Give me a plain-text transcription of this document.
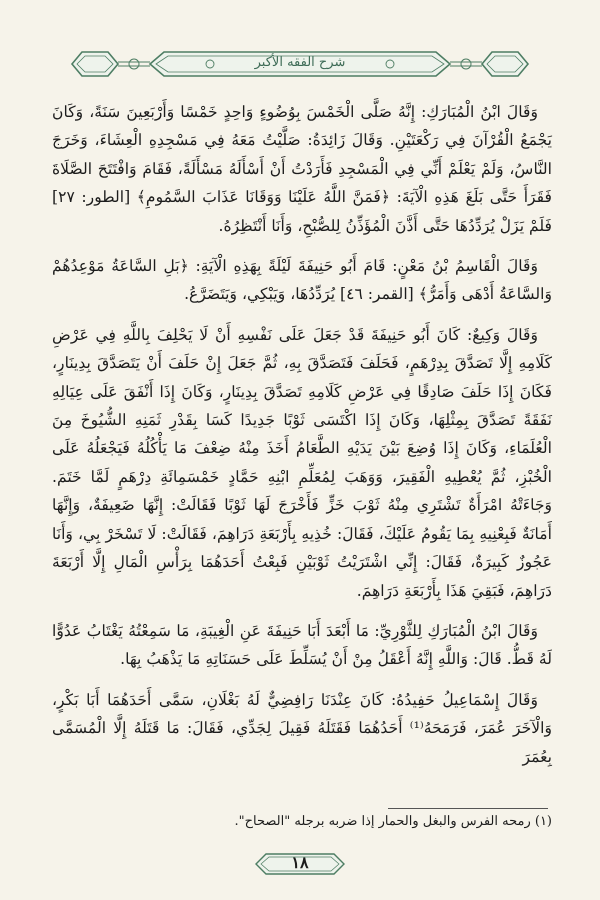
شرح الفقه الأكبر

وَقَالَ ابْنُ الْمُبَارَكِ: إِنَّهُ صَلَّى الْخَمْسَ بِوُضُوءٍ وَاحِدٍ خَمْسًا وَأَرْبَعِينَ سَنَةً، وَكَانَ يَجْمَعُ الْقُرْآنَ فِي رَكْعَتَيْنِ. وَقَالَ زَائِدَةُ: صَلَّيْتُ مَعَهُ فِي مَسْجِدِهِ الْعِشَاءَ، وَخَرَجَ النَّاسُ، وَلَمْ يَعْلَمْ أَنِّي فِي الْمَسْجِدِ فَأَرَدْتُ أَنْ أَسْأَلَهُ مَسْأَلَةً، فَقَامَ وَافْتَتَحَ الصَّلَاةَ فَقَرَأَ حَتَّى بَلَغَ هَذِهِ الْآيَةَ: ﴿فَمَنَّ اللَّهُ عَلَيْنَا وَوَقَانَا عَذَابَ السَّمُومِ﴾ [الطور: ٢٧] فَلَمْ يَزَلْ يُرَدِّدُهَا حَتَّى أَذَّنَ الْمُؤَذِّنُ لِلصُّبْحِ، وَأَنَا أَنْتَظِرُهُ.

وَقَالَ الْقَاسِمُ بْنُ مَعْنٍ: قَامَ أَبُو حَنِيفَةَ لَيْلَةً بِهَذِهِ الْآيَةِ: ﴿بَلِ السَّاعَةُ مَوْعِدُهُمْ وَالسَّاعَةُ أَدْهَى وَأَمَرُّ﴾ [القمر: ٤٦] يُرَدِّدُهَا، وَيَبْكِي، وَيَتَضَرَّعُ.

وَقَالَ وَكِيعٌ: كَانَ أَبُو حَنِيفَةَ قَدْ جَعَلَ عَلَى نَفْسِهِ أَنْ لَا يَحْلِفَ بِاللَّهِ فِي عَرْضِ كَلَامِهِ إِلَّا تَصَدَّقَ بِدِرْهَمٍ، فَحَلَفَ فَتَصَدَّقَ بِهِ، ثُمَّ جَعَلَ إِنْ حَلَفَ أَنْ يَتَصَدَّقَ بِدِينَارٍ، فَكَانَ إِذَا حَلَفَ صَادِقًا فِي عَرْضِ كَلَامِهِ تَصَدَّقَ بِدِينَارٍ، وَكَانَ إِذَا أَنْفَقَ عَلَى عِيَالِهِ نَفَقَةً تَصَدَّقَ بِمِثْلِهَا، وَكَانَ إِذَا اكْتَسَى ثَوْبًا جَدِيدًا كَسَا بِقَدْرِ ثَمَنِهِ الشُّيُوخَ مِنَ الْعُلَمَاءِ، وَكَانَ إِذَا وُضِعَ بَيْنَ يَدَيْهِ الطَّعَامُ أَخَذَ مِنْهُ ضِعْفَ مَا يَأْكُلُهُ فَيَجْعَلُهُ عَلَى الْخُبْزِ، ثُمَّ يُعْطِيهِ الْفَقِيرَ، وَوَهَبَ لِمُعَلِّمِ ابْنِهِ حَمَّادٍ خَمْسَمِائَةِ دِرْهَمٍ لَمَّا خَتَمَ. وَجَاءَتْهُ امْرَأَةٌ تَشْتَرِي مِنْهُ ثَوْبَ خَزٍّ فَأَخْرَجَ لَهَا ثَوْبًا فَقَالَتْ: إِنَّهَا ضَعِيفَةٌ، وَإِنَّهَا أَمَانَةٌ فَبِعْنِيهِ بِمَا يَقُومُ عَلَيْكَ، فَقَالَ: خُذِيهِ بِأَرْبَعَةِ دَرَاهِمَ، فَقَالَتْ: لَا تَسْخَرْ بِي، وَأَنَا عَجُوزٌ كَبِيرَةٌ، فَقَالَ: إِنِّي اشْتَرَيْتُ ثَوْبَيْنِ فَبِعْتُ أَحَدَهُمَا بِرَأْسِ الْمَالِ إِلَّا أَرْبَعَةَ دَرَاهِمَ، فَبَقِيَ هَذَا بِأَرْبَعَةِ دَرَاهِمَ.

وَقَالَ ابْنُ الْمُبَارَكِ لِلثَّوْرِيِّ: مَا أَبْعَدَ أَبَا حَنِيفَةَ عَنِ الْغِيبَةِ، مَا سَمِعْتُهُ يَغْتَابُ عَدُوًّا لَهُ قَطُّ. قَالَ: وَاللَّهِ إِنَّهُ أَعْقَلُ مِنْ أَنْ يُسَلِّطَ عَلَى حَسَنَاتِهِ مَا يَذْهَبُ بِهَا.

وَقَالَ إِسْمَاعِيلُ حَفِيدُهُ: كَانَ عِنْدَنَا رَافِضِيٌّ لَهُ بَغْلَانِ، سَمَّى أَحَدَهُمَا أَبَا بَكْرٍ، وَالْآخَرَ عُمَرَ، فَرَمَحَهُ⁽¹⁾ أَحَدُهُمَا فَقَتَلَهُ فَقِيلَ لِجَدِّي، فَقَالَ: مَا قَتَلَهُ إِلَّا الْمُسَمَّى بِعُمَرَ

(١) رمحه الفرس والبغل والحمار إذا ضربه برجله "الصحاح".
١٨
